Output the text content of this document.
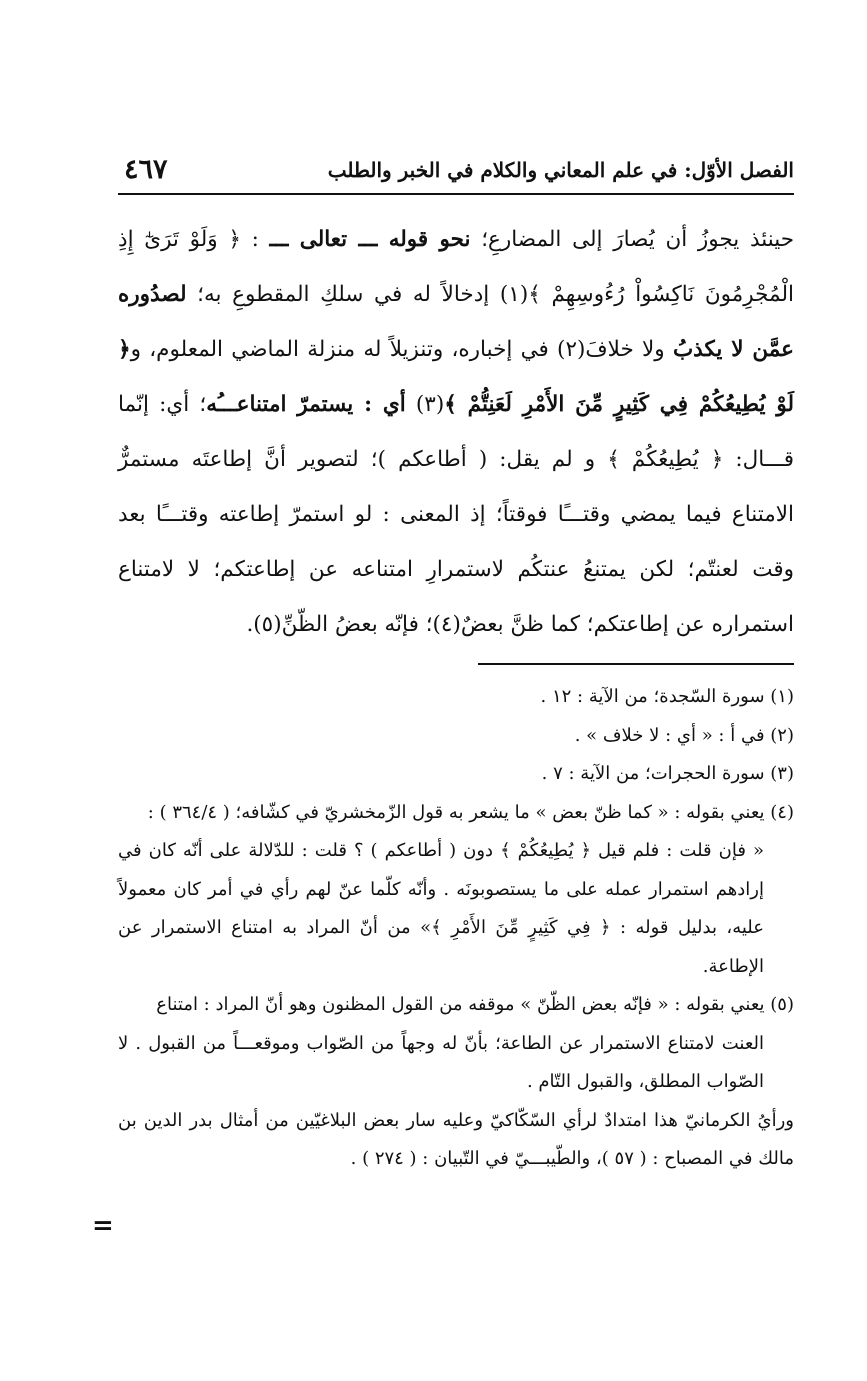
الفصل الأوّل: في علم المعاني والكلام في الخبر والطلب
٤٦٧

حينئذ يجوزُ أن يُصارَ إلى المضارعِ؛ نحو قوله ـــ تعالى ـــ : ﴿ وَلَوْ تَرَىٰٓ إِذِ الْمُجْرِمُونَ نَاكِسُواْ رُءُوسِهِمْ ﴾(١) إدخالاً له في سلكِ المقطوعِ به؛ لصدُوره عمَّن لا يكذبُ ولا خلافَ(٢) في إخباره، وتنزيلاً له منزلة الماضي المعلوم، و﴿ لَوْ يُطِيعُكُمْ فِي كَثِيرٍ مِّنَ الأَمْرِ لَعَنِتُّمْ ﴾(٣) أي : يستمرّ امتناعـــُه؛ أي: إنّما قـــال: ﴿ يُطِيعُكُمْ ﴾ و لم يقل: ( أطاعكم )؛ لتصوير أنَّ إطاعتَه مستمرٌّ الامتناع فيما يمضي وقتـــًا فوقتاً؛ إذ المعنى : لو استمرّ إطاعته وقتـــًا بعد وقت لعنتّم؛ لكن يمتنعُ عنتكُم لاستمرارِ امتناعه عن إطاعتكم؛ لا لامتناع استمراره عن إطاعتكم؛ كما ظنَّ بعضٌ(٤)؛ فإنّه بعضُ الظّنِّ(٥).

(١) سورة السّجدة؛ من الآية : ١٢ .

(٢) في أ : « أي : لا خلاف » .

(٣) سورة الحجرات؛ من الآية : ٧ .

(٤) يعني بقوله : « كما ظنّ بعض » ما يشعر به قول الزّمخشريّ في كشّافه؛ ( ٣٦٤/٤ ) :

« فإن قلت : فلم قيل ﴿ يُطِيعُكُمْ ﴾ دون ( أطاعكم ) ؟ قلت : للدّلالة على أنّه كان في إرادهم استمرار عمله على ما يستصوبونَه . وأنّه كلّما عنّ لهم رأي في أمر كان معمولاً عليه، بدليل قوله : ﴿ فِي كَثِيرٍ مِّنَ الأَمْرِ ﴾» من أنّ المراد به امتناع الاستمرار عن الإطاعة.

(٥) يعني بقوله : « فإنّه بعض الظّنّ » موقفه من القول المظنون وهو أنّ المراد : امتناع

العنت لامتناع الاستمرار عن الطاعة؛ بأنّ له وجهاً من الصّواب وموقعـــاً من القبول . لا الصّواب المطلق، والقبول التّام .

ورأيُ الكرمانيّ هذا امتدادٌ لرأي السّكّاكيّ وعليه سار بعض البلاغيّين من أمثال بدر الدين بن مالك في المصباح : ( ٥٧ )، والطّيبـــيّ في التّبيان : ( ٢٧٤ ) .

=
